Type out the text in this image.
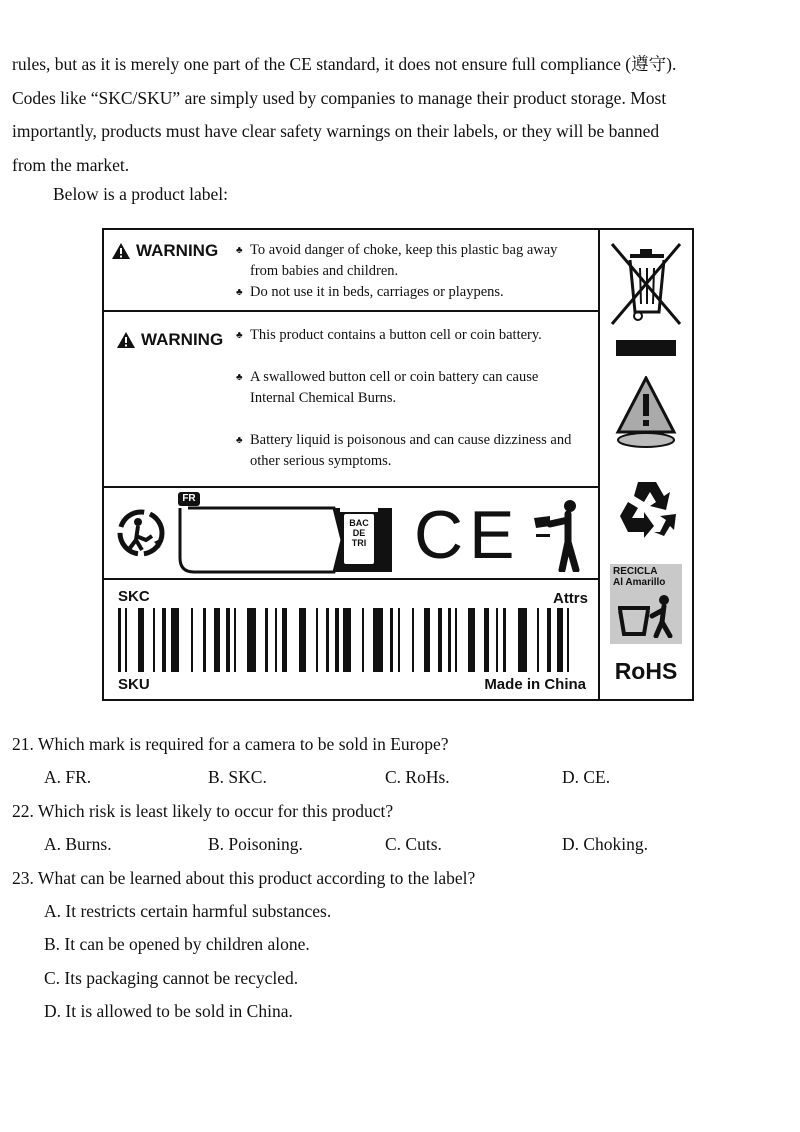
rules, but as it is merely one part of the CE standard, it does not ensure full compliance (遵守).
Codes like “SKC/SKU” are simply used by companies to manage their product storage. Most
importantly, products must have clear safety warnings on their labels, or they will be banned
from the market.

Below is a product label:
WARNING	♣ To avoid danger of choke, keep this plastic bag away from babies and children.

♣ Do not use it in beds, carriages or playpens.

WARNING	♣ This product contains a button cell or coin battery.

♣ A swallowed button cell or coin battery can cause Internal Chemical Burns.

♣ Battery liquid is poisonous and can cause dizziness and other serious symptoms.

FR
BAC
DE
TRI CE
SKC	Attrs
SKU	Made in China
RECICLA
Al Amarillo
RoHS
21. Which mark is required for a camera to be sold in Europe?
A. FR.	B. SKC.	C. RoHs.	D. CE.
22. Which risk is least likely to occur for this product?
A. Burns.	B. Poisoning.	C. Cuts.	D. Choking.
23. What can be learned about this product according to the label?
A. It restricts certain harmful substances.
B. It can be opened by children alone.
C. Its packaging cannot be recycled.
D. It is allowed to be sold in China.
